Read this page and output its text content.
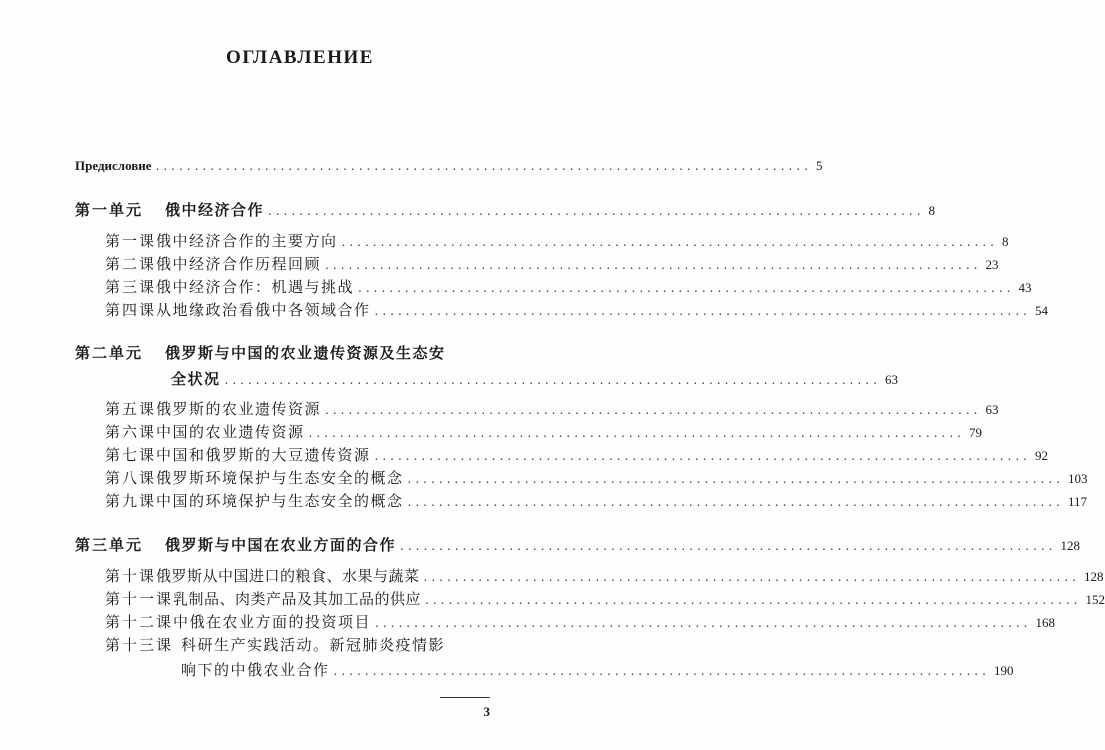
ОГЛАВЛЕНИЕ
Предисловие .................................................................................... 5
第一单元 俄中经济合作 .................................................................................... 8
第一课 俄中经济合作的主要方向 .................................................................................... 8
第二课 俄中经济合作历程回顾 .................................................................................... 23
第三课 俄中经济合作：机遇与挑战 .................................................................................... 43
第四课 从地缘政治看俄中各领域合作 .................................................................................... 54
第二单元 俄罗斯与中国的农业遗传资源及生态安
全状况 .................................................................................... 63
第五课 俄罗斯的农业遗传资源 .................................................................................... 63
第六课 中国的农业遗传资源 .................................................................................... 79
第七课 中国和俄罗斯的大豆遗传资源 .................................................................................... 92
第八课 俄罗斯环境保护与生态安全的概念 .................................................................................... 103
第九课 中国的环境保护与生态安全的概念 .................................................................................... 117
第三单元 俄罗斯与中国在农业方面的合作 .................................................................................... 128
第十课 俄罗斯从中国进口的粮食、水果与蔬菜 .................................................................................... 128
第十一课 乳制品、肉类产品及其加工品的供应 .................................................................................... 152
第十二课 中俄在农业方面的投资项目 .................................................................................... 168
第十三课 科研生产实践活动。新冠肺炎疫情影
响下的中俄农业合作 .................................................................................... 190
3
